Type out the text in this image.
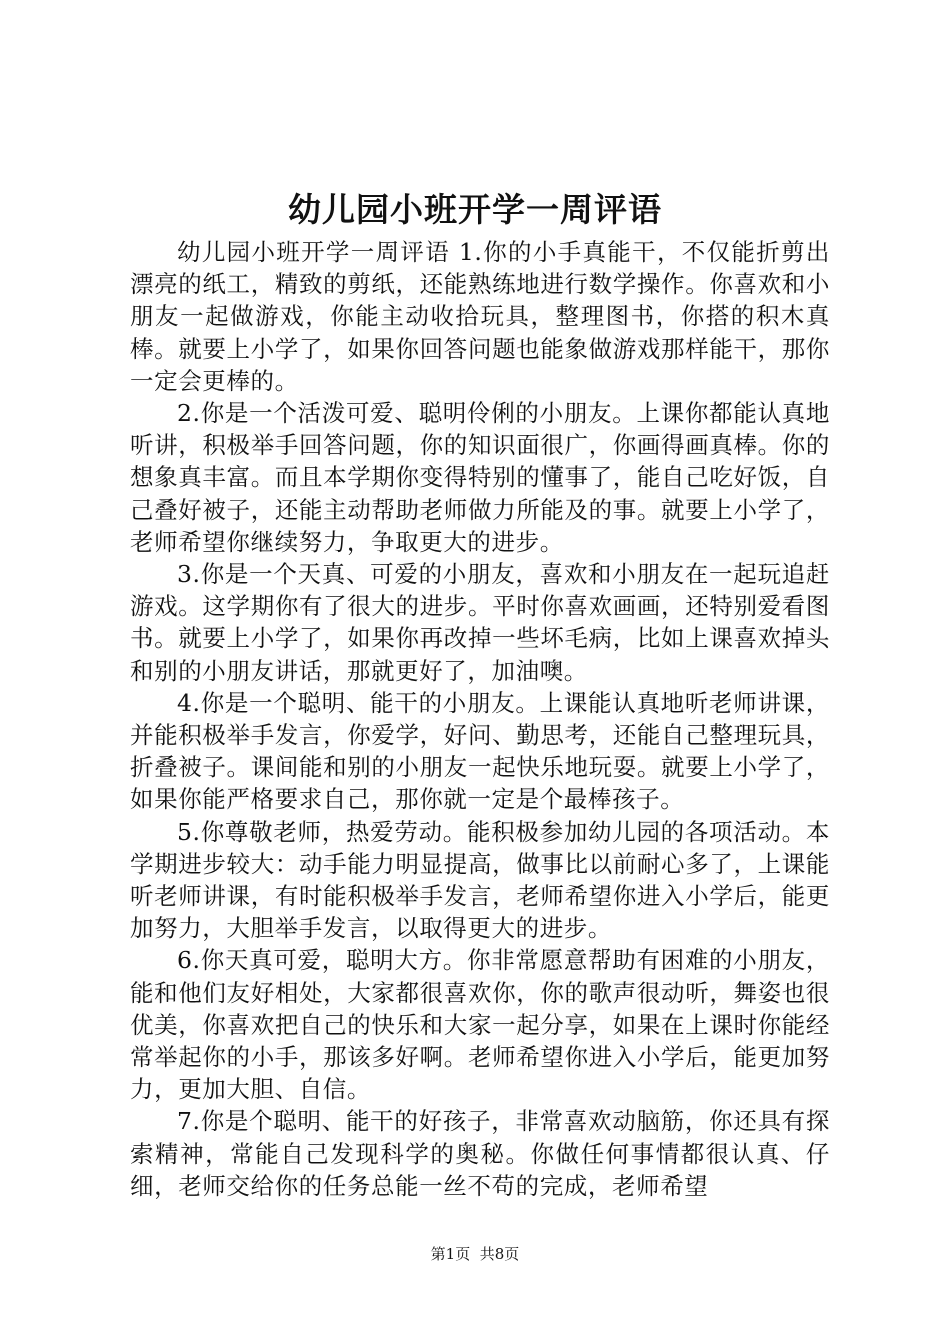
幼儿园小班开学一周评语

幼儿园小班开学一周评语 1.你的小手真能干，不仅能折剪出漂亮的纸工，精致的剪纸，还能熟练地进行数学操作。你喜欢和小朋友一起做游戏，你能主动收拾玩具，整理图书，你搭的积木真棒。就要上小学了，如果你回答问题也能象做游戏那样能干，那你一定会更棒的。

2.你是一个活泼可爱、聪明伶俐的小朋友。上课你都能认真地听讲，积极举手回答问题，你的知识面很广，你画得画真棒。你的想象真丰富。而且本学期你变得特别的懂事了，能自己吃好饭，自己叠好被子，还能主动帮助老师做力所能及的事。就要上小学了，老师希望你继续努力，争取更大的进步。

3.你是一个天真、可爱的小朋友，喜欢和小朋友在一起玩追赶游戏。这学期你有了很大的进步。平时你喜欢画画，还特别爱看图书。就要上小学了，如果你再改掉一些坏毛病，比如上课喜欢掉头和别的小朋友讲话，那就更好了，加油噢。

4.你是一个聪明、能干的小朋友。上课能认真地听老师讲课，并能积极举手发言，你爱学，好问、勤思考，还能自己整理玩具，折叠被子。课间能和别的小朋友一起快乐地玩耍。就要上小学了，如果你能严格要求自己，那你就一定是个最棒孩子。

5.你尊敬老师，热爱劳动。能积极参加幼儿园的各项活动。本学期进步较大：动手能力明显提高，做事比以前耐心多了，上课能听老师讲课，有时能积极举手发言，老师希望你进入小学后，能更加努力，大胆举手发言，以取得更大的进步。

6.你天真可爱，聪明大方。你非常愿意帮助有困难的小朋友，能和他们友好相处，大家都很喜欢你，你的歌声很动听，舞姿也很优美，你喜欢把自己的快乐和大家一起分享，如果在上课时你能经常举起你的小手，那该多好啊。老师希望你进入小学后，能更加努力，更加大胆、自信。

7.你是个聪明、能干的好孩子，非常喜欢动脑筋，你还具有探索精神，常能自己发现科学的奥秘。你做任何事情都很认真、仔细，老师交给你的任务总能一丝不苟的完成，老师希望

第1页 共8页
